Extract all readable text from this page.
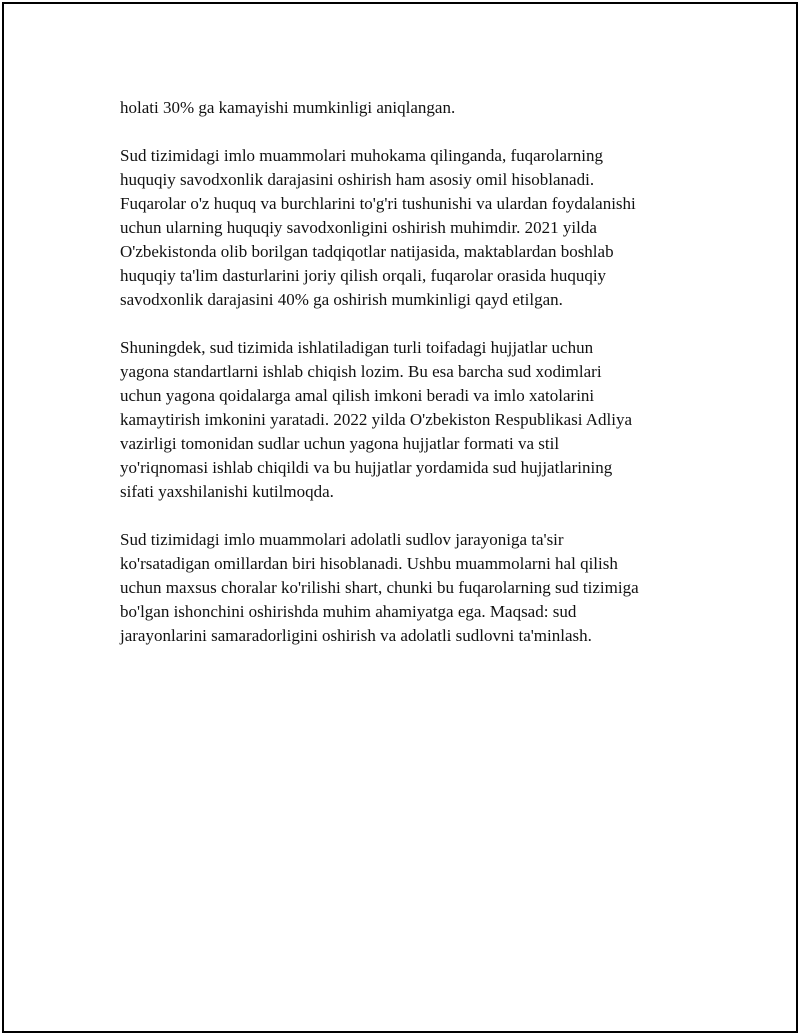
holati 30% ga kamayishi mumkinligi aniqlangan.

Sud tizimidagi imlo muammolari muhokama qilinganda, fuqarolarning
huquqiy savodxonlik darajasini oshirish ham asosiy omil hisoblanadi.
Fuqarolar o'z huquq va burchlarini to'g'ri tushunishi va ulardan foydalanishi
uchun ularning huquqiy savodxonligini oshirish muhimdir. 2021 yilda
O'zbekistonda olib borilgan tadqiqotlar natijasida, maktablardan boshlab
huquqiy ta'lim dasturlarini joriy qilish orqali, fuqarolar orasida huquqiy
savodxonlik darajasini 40% ga oshirish mumkinligi qayd etilgan.

Shuningdek, sud tizimida ishlatiladigan turli toifadagi hujjatlar uchun
yagona standartlarni ishlab chiqish lozim. Bu esa barcha sud xodimlari
uchun yagona qoidalarga amal qilish imkoni beradi va imlo xatolarini
kamaytirish imkonini yaratadi. 2022 yilda O'zbekiston Respublikasi Adliya
vazirligi tomonidan sudlar uchun yagona hujjatlar formati va stil
yo'riqnomasi ishlab chiqildi va bu hujjatlar yordamida sud hujjatlarining
sifati yaxshilanishi kutilmoqda.

Sud tizimidagi imlo muammolari adolatli sudlov jarayoniga ta'sir
ko'rsatadigan omillardan biri hisoblanadi. Ushbu muammolarni hal qilish
uchun maxsus choralar ko'rilishi shart, chunki bu fuqarolarning sud tizimiga
bo'lgan ishonchini oshirishda muhim ahamiyatga ega. Maqsad: sud
jarayonlarini samaradorligini oshirish va adolatli sudlovni ta'minlash.
